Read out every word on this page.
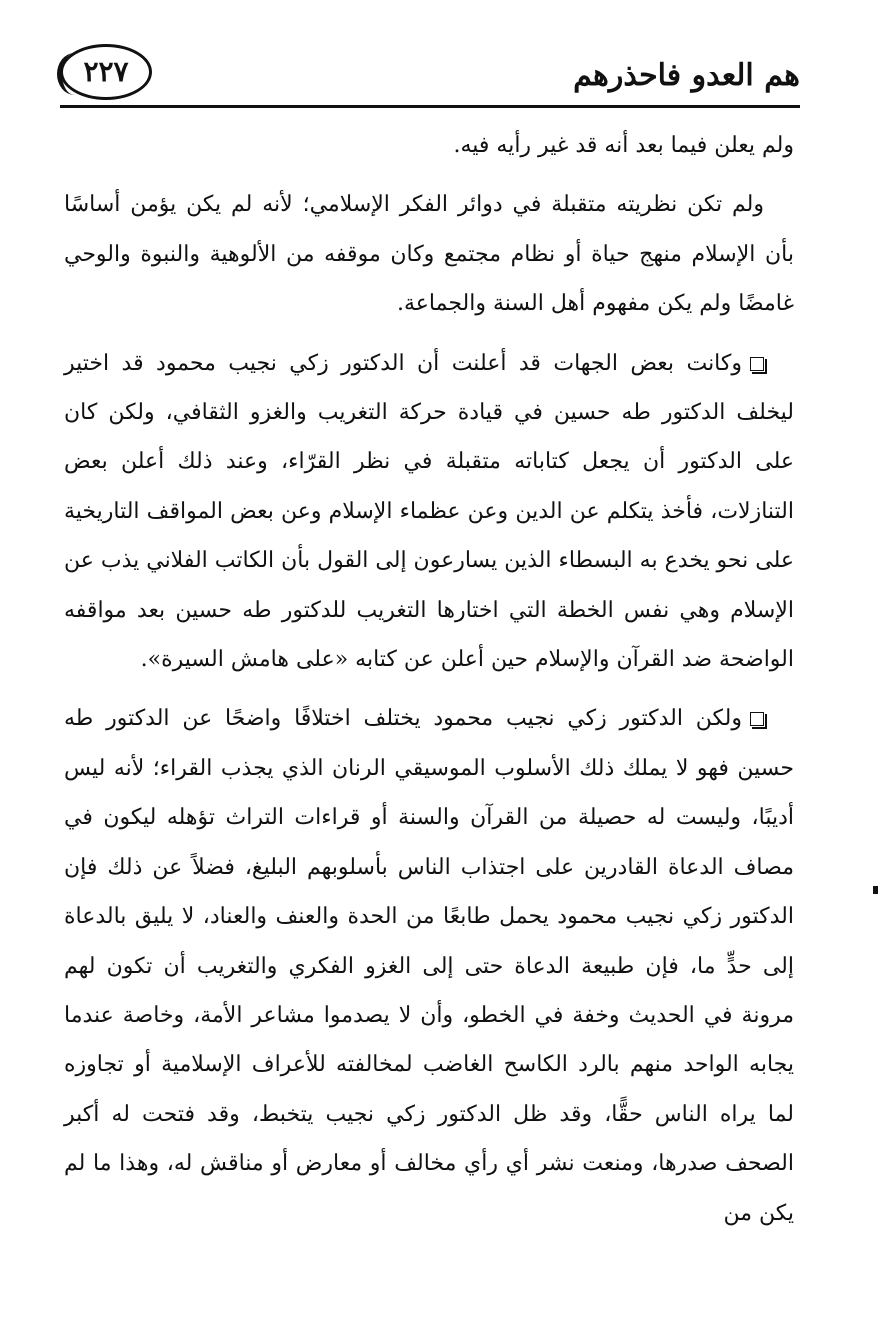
٢٢٧	هم العدو فاحذرهم

ولم يعلن فيما بعد أنه قد غير رأيه فيه.

ولم تكن نظريته متقبلة في دوائر الفكر الإسلامي؛ لأنه لم يكن يؤمن أساسًا بأن الإسلام منهج حياة أو نظام مجتمع وكان موقفه من الألوهية والنبوة والوحي غامضًا ولم يكن مفهوم أهل السنة والجماعة.

وكانت بعض الجهات قد أعلنت أن الدكتور زكي نجيب محمود قد اختير ليخلف الدكتور طه حسين في قيادة حركة التغريب والغزو الثقافي، ولكن كان على الدكتور أن يجعل كتاباته متقبلة في نظر القرّاء، وعند ذلك أعلن بعض التنازلات، فأخذ يتكلم عن الدين وعن عظماء الإسلام وعن بعض المواقف التاريخية على نحو يخدع به البسطاء الذين يسارعون إلى القول بأن الكاتب الفلاني يذب عن الإسلام وهي نفس الخطة التي اختارها التغريب للدكتور طه حسين بعد مواقفه الواضحة ضد القرآن والإسلام حين أعلن عن كتابه «على هامش السيرة».

ولكن الدكتور زكي نجيب محمود يختلف اختلافًا واضحًا عن الدكتور طه حسين فهو لا يملك ذلك الأسلوب الموسيقي الرنان الذي يجذب القراء؛ لأنه ليس أديبًا، وليست له حصيلة من القرآن والسنة أو قراءات التراث تؤهله ليكون في مصاف الدعاة القادرين على اجتذاب الناس بأسلوبهم البليغ، فضلاً عن ذلك فإن الدكتور زكي نجيب محمود يحمل طابعًا من الحدة والعنف والعناد، لا يليق بالدعاة إلى حدٍّ ما، فإن طبيعة الدعاة حتى إلى الغزو الفكري والتغريب أن تكون لهم مرونة في الحديث وخفة في الخطو، وأن لا يصدموا مشاعر الأمة، وخاصة عندما يجابه الواحد منهم بالرد الكاسح الغاضب لمخالفته للأعراف الإسلامية أو تجاوزه لما يراه الناس حقًّا، وقد ظل الدكتور زكي نجيب يتخبط، وقد فتحت له أكبر الصحف صدرها، ومنعت نشر أي رأي مخالف أو معارض أو مناقش له، وهذا ما لم يكن من
